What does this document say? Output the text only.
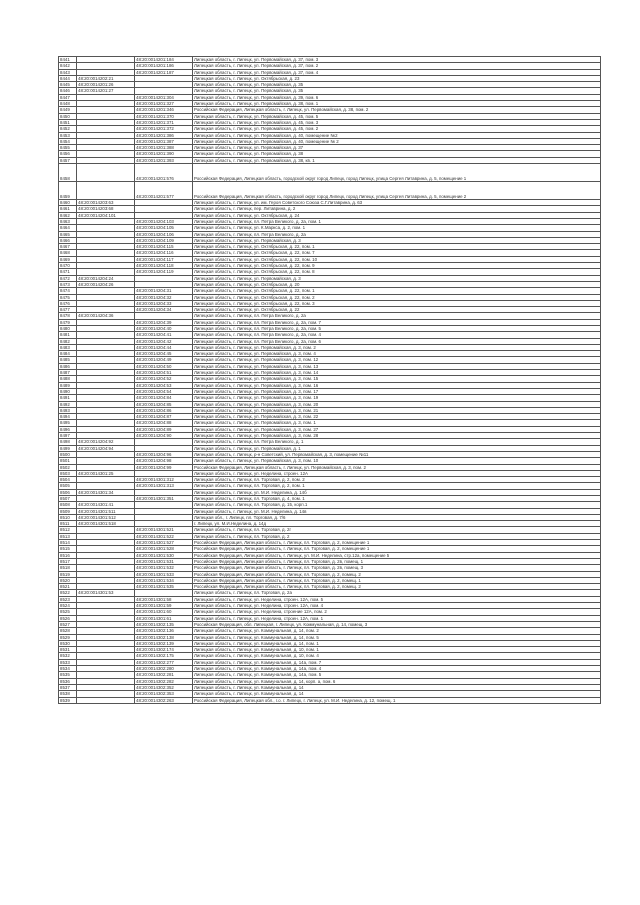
8441		48:20:0014201:184	Липецкая область, г. Липецк, ул. Первомайская, д. 37, пом. 3
8442		48:20:0014201:186	Липецкая область, г. Липецк, ул. Первомайская, д. 37, пом. 2
8443		48:20:0014201:187	Липецкая область, г. Липецк, ул. Первомайская, д. 37, пом. 4
8444	48:20:0014202:21		Липецкая область, г. Липецк, ул. Октябрьская, д. 23
8445	48:20:0014201:26		Липецкая область, г. Липецк, ул. Первомайская, д. 35
8446	48:20:0014201:27		Липецкая область, г. Липецк, ул. Первомайская, д. 35
8447		48:20:0014201:304	Липецкая область, г. Липецк, ул. Первомайская, д. 39, пом. 6
8448		48:20:0014201:327	Липецкая область, г. Липецк, ул. Первомайская, д. 38, пом. 1
8449		48:20:0014201:346	Российская Федерация, Липецкая область, г. Липецк, ул. Первомайская, д. 38, пом. 2
8450		48:20:0014201:370	Липецкая область, г. Липецк, ул. Первомайская, д. 45, пом. 5
8451		48:20:0014201:371	Липецкая область, г. Липецк, ул. Первомайская, д. 45, пом. 3
8452		48:20:0014201:372	Липецкая область, г. Липецк, ул. Первомайская, д. 45, пом. 2
8453		48:20:0014201:386	Липецкая область, г. Липецк, ул. Первомайская, д. 40, помещение №2
8454		48:20:0014201:387	Липецкая область, г. Липецк, ул. Первомайская, д. 40, помещение № 2
8455		48:20:0014201:388	Липецкая область, г. Липецк, ул. Первомайская, д. 37
8456		48:20:0014201:390	Липецкая область, г. Липецк, ул. Первомайская, д. 38
8457		48:20:0014201:393	Липецкая область, г. Липецк, ул. Первомайская, д. 38, кв. 1
8458		48:20:0014201:576	Российская Федерация, Липецкая область, городской округ город Липецк, город Липецк, улица Сергея Литаврина, д. 5, помещение 1
8459		48:20:0014201:577	Российская Федерация, Липецкая область, городской округ город Липецк, город Липецк, улица Сергея Литаврина, д. 5, помещение 2
8460	48:20:0014203:63		Липецкая область, г. Липецк, ул. им. Героя Советского Союза С.Г.Литаврина, д. 63
8461	48:20:0014203:68		Липецкая область, г. Липецк, пер. Литаврина, д. 2
8462	48:20:0014204:101		Липецкая область, г. Липецк, ул. Октябрьская, д. 24
8463		48:20:0014204:103	Липецкая область, г. Липецк, пл. Петра Великого, д. 2а, пом. 1
8464		48:20:0014204:105	Липецкая область, г. Липецк, ул. К.Маркса, д. 2, пом. 1
8465		48:20:0014204:106	Липецкая область, г. Липецк, пл. Петра Великого, д. 2а
8466		48:20:0014204:109	Липецкая область, г. Липецк, ул. Первомайская, д. 3
8467		48:20:0014204:115	Липецкая область, г. Липецк, ул. Октябрьская, д. 22, пом. 1
8468		48:20:0014204:116	Липецкая область, г. Липецк, ул. Октябрьская, д. 22, пом. 7
8469		48:20:0014204:117	Липецкая область, г. Липецк, ул. Октябрьская, д. 22, пом. 10
8470		48:20:0014204:118	Липецкая область, г. Липецк, ул. Октябрьская, д. 22, пом. 9
8471		48:20:0014204:119	Липецкая область, г. Липецк, ул. Октябрьская, д. 22, пом. 8
8472	48:20:0014204:24		Липецкая область, г. Липецк, ул. Первомайская, д. 3
8473	48:20:0014204:26		Липецкая область, г. Липецк, ул. Октябрьская, д. 20
8474		48:20:0014204:31	Липецкая область, г. Липецк, ул. Октябрьская, д. 22, пом. 1
8475		48:20:0014204:32	Липецкая область, г. Липецк, ул. Октябрьская, д. 22, пом. 2
8476		48:20:0014204:33	Липецкая область, г. Липецк, ул. Октябрьская, д. 22, пом. 3
8477		48:20:0014204:34	Липецкая область, г. Липецк, ул. Октябрьская, д. 22
8478	48:20:0014204:36		Липецкая область, г. Липецк, пл. Петра Великого, д. 2а
8479		48:20:0014204:39	Липецкая область, г. Липецк, пл. Петра Великого, д. 2а, пом. 7
8480		48:20:0014204:40	Липецкая область, г. Липецк, пл. Петра Великого, д. 2а, пом. 5
8481		48:20:0014204:41	Липецкая область, г. Липецк, пл. Петра Великого, д. 2а, пом. 4
8482		48:20:0014204:42	Липецкая область, г. Липецк, пл. Петра Великого, д. 2а, пом. 6
8483		48:20:0014204:44	Липецкая область, г. Липецк, ул. Первомайская, д. 3, пом. 2
8484		48:20:0014204:45	Липецкая область, г. Липецк, ул. Первомайская, д. 3, пом. 4
8485		48:20:0014204:49	Липецкая область, г. Липецк, ул. Первомайская, д. 3, пом. 12
8486		48:20:0014204:50	Липецкая область, г. Липецк, ул. Первомайская, д. 3, пом. 13
8487		48:20:0014204:51	Липецкая область, г. Липецк, ул. Первомайская, д. 3, пом. 14
8488		48:20:0014204:52	Липецкая область, г. Липецк, ул. Первомайская, д. 3, пом. 15
8489		48:20:0014204:53	Липецкая область, г. Липецк, ул. Первомайская, д. 3, пом. 16
8490		48:20:0014204:54	Липецкая область, г. Липецк, ул. Первомайская, д. 3, пом. 17
8491		48:20:0014204:84	Липецкая область, г. Липецк, ул. Первомайская, д. 3, пом. 19
8492		48:20:0014204:85	Липецкая область, г. Липецк, ул. Первомайская, д. 3, пом. 20
8493		48:20:0014204:86	Липецкая область, г. Липецк, ул. Первомайская, д. 3, пом. 21
8494		48:20:0014204:87	Липецкая область, г. Липецк, ул. Первомайская, д. 3, пом. 22
8495		48:20:0014204:88	Липецкая область, г. Липецк, ул. Первомайская, д. 3, пом. 1
8496		48:20:0014204:89	Липецкая область, г. Липецк, ул. Первомайская, д. 3, пом. 27
8497		48:20:0014204:90	Липецкая область, г. Липецк, ул. Первомайская, д. 3, пом. 28
8498	48:20:0014204:92		Липецкая область, г. Липецк, пл. Петра Великого, д. 1
8499	48:20:0014204:94		Липецкая область, г. Липецк, ул. Первомайская, д. 1
8500		48:20:0014204:96	Липецкая область, г. Липецк, р-н Советский, ул. Первомайская, д. 3, помещение №11
8501		48:20:0014204:98	Липецкая область, г. Липецк, ул. Первомайская, д. 3, пом. 10
8502		48:20:0014204:99	Российская Федерация, Липецкая область, г. Липецк, ул. Первомайская, д. 3, пом. 2
8503	48:20:0014301:25		Липецкая область, г. Липецк, ул. Неделина, строен. 12А
8504		48:20:0014301:312	Липецкая область, г. Липецк, пл. Торговая, д. 2, пом. 2
8505		48:20:0014301:313	Липецкая область, г. Липецк, пл. Торговая, д. 2, пом. 1
8506	48:20:0014301:34		Липецкая область, г. Липецк, ул. М.И. Неделина, д. 14б
8507		48:20:0014301:351	Липецкая область, г. Липецк, пл. Торговая, д. 4, пом. 1
8508	48:20:0014301:41		Липецкая область, г. Липецк, пл. Торговая, д. 15, корп.1
8509	48:20:0014301:511		Липецкая область, г. Липецк, ул. М.И. Неделина, д. 14в
8510	48:20:0014301:512		Липецкая обл., г. Липецк, пл. Торговая, д. 7/6
8511	48:20:0014301:518		г. Липецк, ул. М.И.Неделина, д. 14д
8512		48:20:0014301:521	Липецкая область, г. Липецк, пл. Торговая, д. 2г
8513		48:20:0014301:522	Липецкая область, г. Липецк, пл. Торговая, д. 2
8514		48:20:0014301:527	Российская Федерация, Липецкая область, г. Липецк, пл. Торговая, д. 2, помещение 1
8515		48:20:0014301:528	Российская Федерация, Липецкая область, г. Липецк, пл. Торговая, д. 2, помещение 1
8516		48:20:0014301:530	Российская Федерация, Липецкая область, г. Липецк, ул. М.И. Неделина, стр.12а, помещение 5
8517		48:20:0014301:531	Российская Федерация, Липецкая область, г. Липецк, пл. Торговая, д. 2в, помещ. 1
8518		48:20:0014301:532	Российская Федерация, Липецкая область, г. Липецк, пл. Торговая, д. 2в, помещ. 3
8519		48:20:0014301:533	Российская Федерация, Липецкая область, г. Липецк, пл. Торговая, д. 2, помещ. 2
8520		48:20:0014301:534	Российская Федерация, Липецкая область, г. Липецк, пл. Торговая, д. 2, помещ. 1
8521		48:20:0014301:535	Российская Федерация, Липецкая область, г. Липецк, пл. Торговая, д. 2, помещ. 2
8522	48:20:0014301:53		Липецкая область, г. Липецк, пл. Торговая, д. 2а
8523		48:20:0014301:58	Липецкая область, г. Липецк, ул. Неделина, строен. 12А, пом. 5
8524		48:20:0014301:59	Липецкая область, г. Липецк, ул. Неделина, строен. 12А, пом. 4
8525		48:20:0014301:60	Липецкая область, г. Липецк, ул. Неделина, строение 12А, пом. 2
8526		48:20:0014301:61	Липецкая область, г. Липецк, ул. Неделина, строен. 12А, пом. 1
8527		48:20:0014302:135	Российская Федерация, обл. Липецкая, г. Липецк, ул. Коммунальная, д. 14, помещ. 3
8528		48:20:0014302:136	Липецкая область, г. Липецк, ул. Коммунальная, д. 14, пом. 2
8529		48:20:0014302:138	Липецкая область, г. Липецк, ул. Коммунальная, д. 14, пом. 5
8530		48:20:0014302:139	Липецкая область, г. Липецк, ул. Коммунальная, д. 14, пом. 1
8531		48:20:0014302:174	Липецкая область, г. Липецк, ул. Коммунальная, д. 10, пом. 1
8532		48:20:0014302:175	Липецкая область, г. Липецк, ул. Коммунальная, д. 10, пом. 4
8533		48:20:0014302:277	Липецкая область, г. Липецк, ул. Коммунальная, д. 14а, пом. 7
8534		48:20:0014302:280	Липецкая область, г. Липецк, ул. Коммунальная, д. 14а, пом. 4
8535		48:20:0014302:281	Липецкая область, г. Липецк, ул. Коммунальная, д. 14а, пом. 5
8536		48:20:0014302:282	Липецкая область, г. Липецк, ул. Коммунальная, д. 14, корп. а, пом. 6
8537		48:20:0014302:352	Липецкая область, г. Липецк, ул. Коммунальная, д. 14
8538		48:20:0014302:353	Липецкая область, г. Липецк, ул. Коммунальная, д. 14
8539		48:20:0014302:263	Российская Федерация, Липецкая обл., г.о. г. Липецк, г. Липецк, ул. М.И. Неделина, д. 12, помещ. 1
